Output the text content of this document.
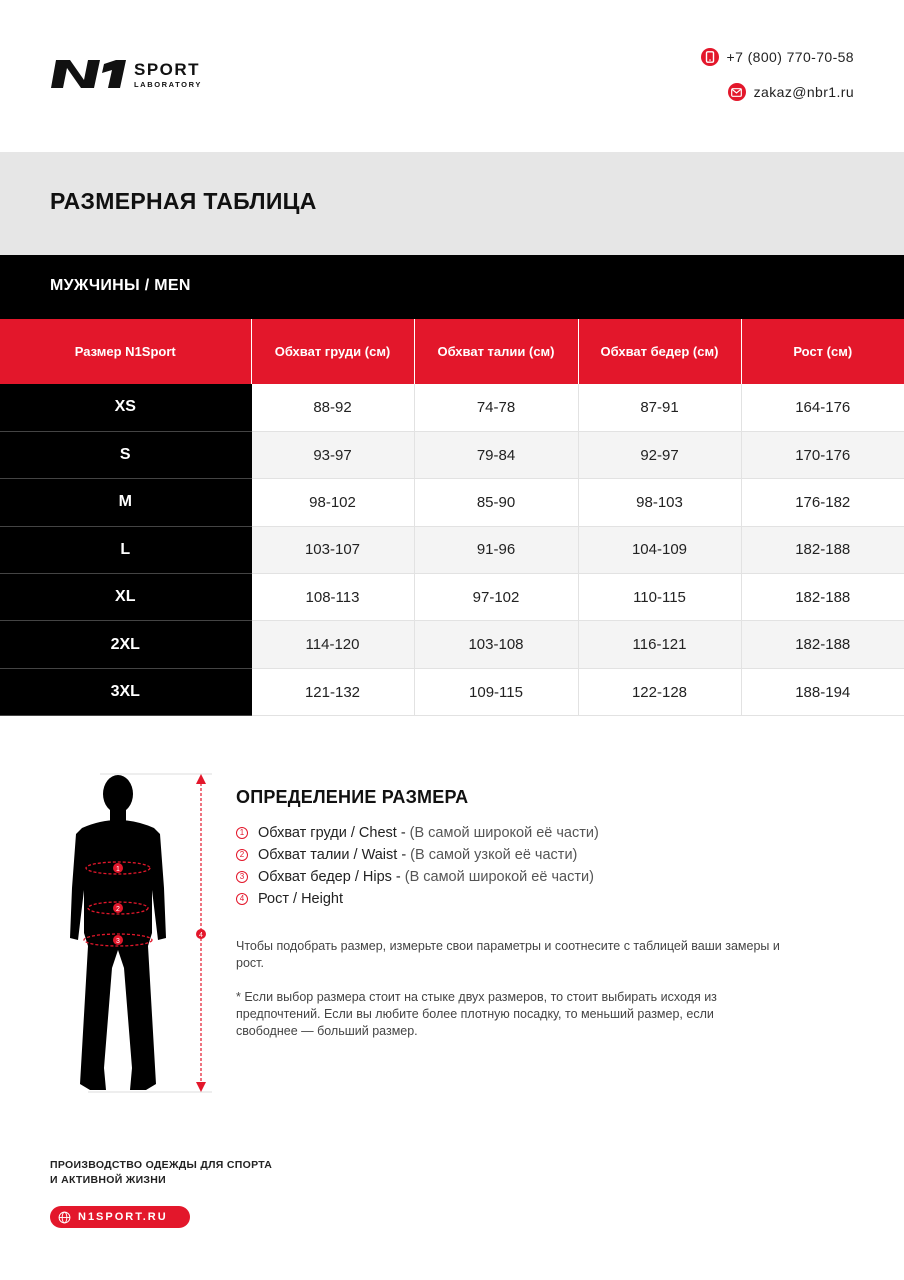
SPORT
LABORATORY
+7 (800) 770-70-58
zakaz@nbr1.ru
РАЗМЕРНАЯ ТАБЛИЦА
МУЖЧИНЫ / MEN
Размер N1Sport	Обхват груди (см)	Обхват талии (см)	Обхват бедер (см)	Рост (см)
XS	88-92	74-78	87-91	164-176
S	93-97	79-84	92-97	170-176
M	98-102	85-90	98-103	176-182
L	103-107	91-96	104-109	182-188
XL	108-113	97-102	110-115	182-188
2XL	114-120	103-108	116-121	182-188
3XL	121-132	109-115	122-128	188-194
1
2
3
4
ОПРЕДЕЛЕНИЕ РАЗМЕРА
1 Обхват груди / Chest - (В самой широкой её части)
2 Обхват талии / Waist - (В самой узкой её части)
3 Обхват бедер / Hips - (В самой широкой её части)
4 Рост / Height

Чтобы подобрать размер, измерьте свои параметры и соотнесите с таблицей ваши замеры и рост.

* Если выбор размера стоит на стыке двух размеров, то стоит выбирать исходя из предпочтений. Если вы любите более плотную посадку, то меньший размер, если свободнее — больший размер.

ПРОИЗВОДСТВО ОДЕЖДЫ ДЛЯ СПОРТА
И АКТИВНОЙ ЖИЗНИ
N1SPORT.RU
